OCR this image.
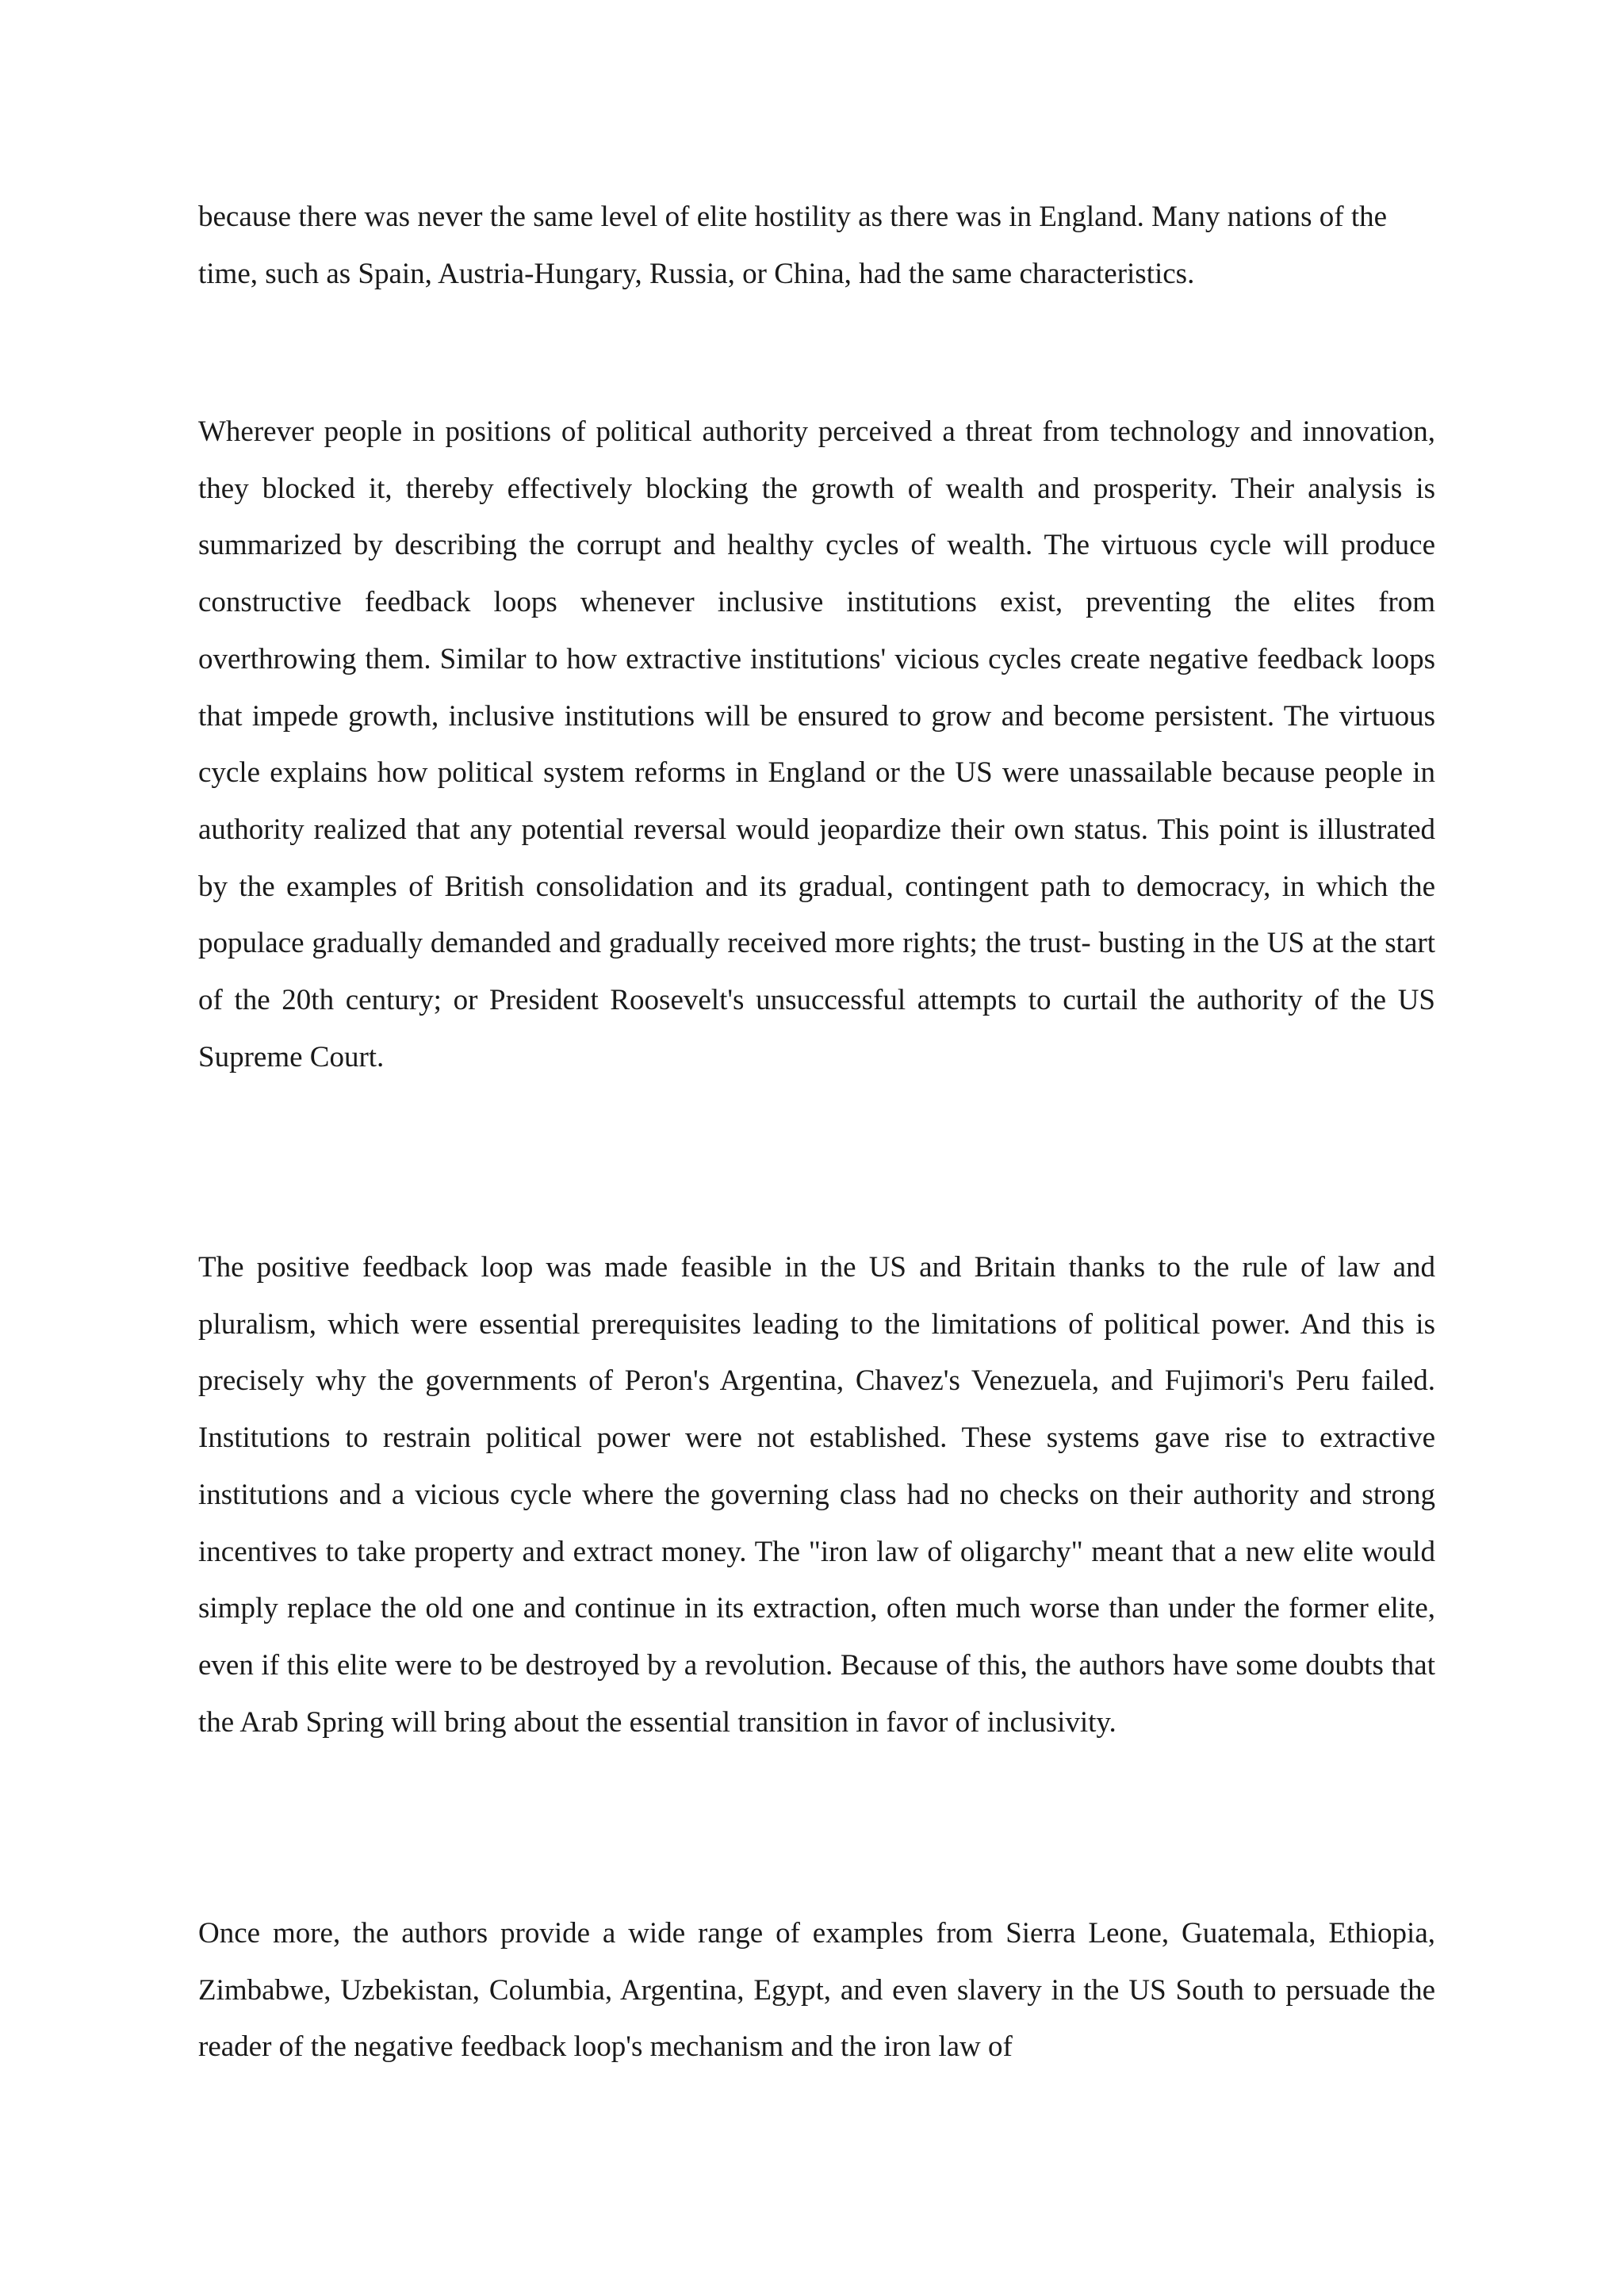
because there was never the same level of elite hostility as there was in England. Many nations of the time, such as Spain, Austria-Hungary, Russia, or China, had the same characteristics.

Wherever people in positions of political authority perceived a threat from technology and innovation, they blocked it, thereby effectively blocking the growth of wealth and prosperity. Their analysis is summarized by describing the corrupt and healthy cycles of wealth. The virtuous cycle will produce constructive feedback loops whenever inclusive institutions exist, preventing the elites from overthrowing them. Similar to how extractive institutions' vicious cycles create negative feedback loops that impede growth, inclusive institutions will be ensured to grow and become persistent. The virtuous cycle explains how political system reforms in England or the US were unassailable because people in authority realized that any potential reversal would jeopardize their own status. This point is illustrated by the examples of British consolidation and its gradual, contingent path to democracy, in which the populace gradually demanded and gradually received more rights; the trust- busting in the US at the start of the 20th century; or President Roosevelt's unsuccessful attempts to curtail the authority of the US Supreme Court.

The positive feedback loop was made feasible in the US and Britain thanks to the rule of law and pluralism, which were essential prerequisites leading to the limitations of political power. And this is precisely why the governments of Peron's Argentina, Chavez's Venezuela, and Fujimori's Peru failed. Institutions to restrain political power were not established. These systems gave rise to extractive institutions and a vicious cycle where the governing class had no checks on their authority and strong incentives to take property and extract money. The "iron law of oligarchy" meant that a new elite would simply replace the old one and continue in its extraction, often much worse than under the former elite, even if this elite were to be destroyed by a revolution. Because of this, the authors have some doubts that the Arab Spring will bring about the essential transition in favor of inclusivity.

Once more, the authors provide a wide range of examples from Sierra Leone, Guatemala, Ethiopia, Zimbabwe, Uzbekistan, Columbia, Argentina, Egypt, and even slavery in the US South to persuade the reader of the negative feedback loop's mechanism and the iron law of
